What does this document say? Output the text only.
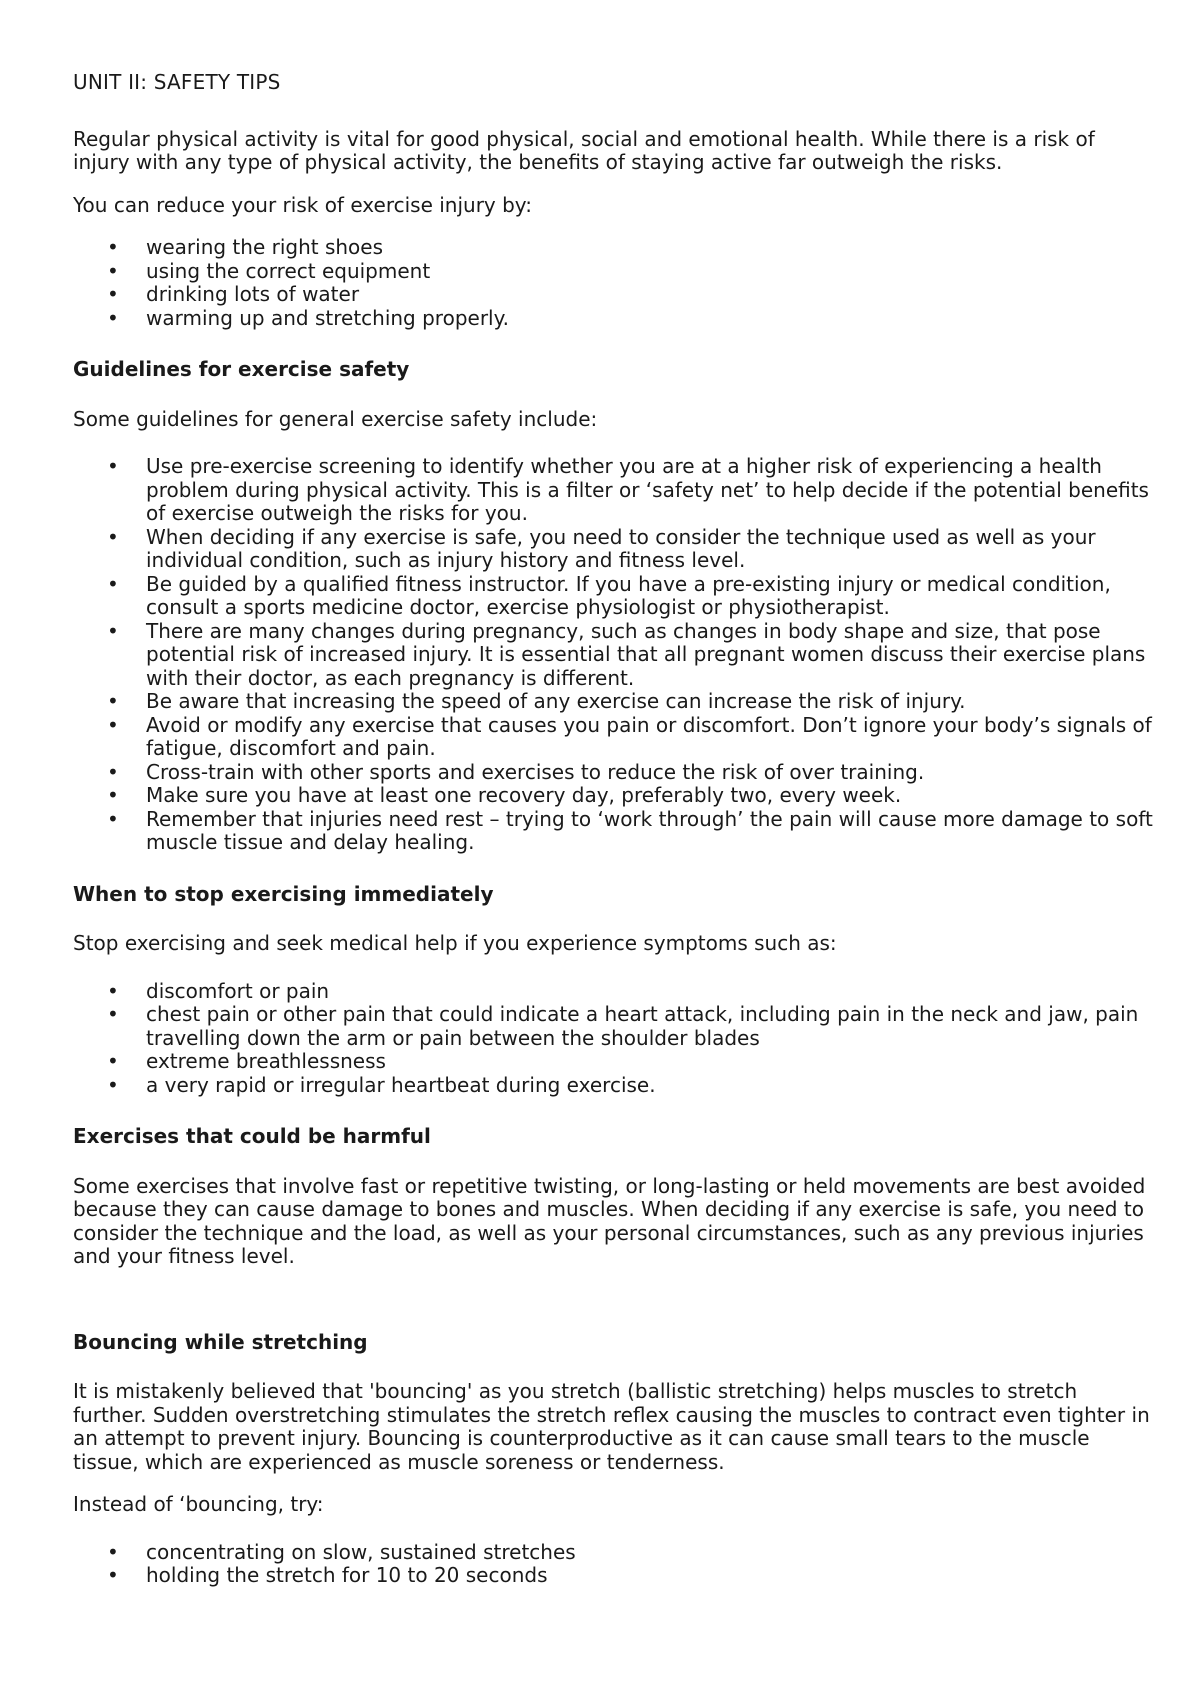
UNIT II: SAFETY TIPS

Regular physical activity is vital for good physical, social and emotional health. While there is a risk of injury with any type of physical activity, the benefits of staying active far outweigh the risks.

You can reduce your risk of exercise injury by:

• wearing the right shoes
• using the correct equipment
• drinking lots of water
• warming up and stretching properly.
Guidelines for exercise safety

Some guidelines for general exercise safety include:

• Use pre-exercise screening to identify whether you are at a higher risk of experiencing a health problem during physical activity. This is a filter or ‘safety net’ to help decide if the potential benefits of exercise outweigh the risks for you.
• When deciding if any exercise is safe, you need to consider the technique used as well as your individual condition, such as injury history and fitness level.
• Be guided by a qualified fitness instructor. If you have a pre-existing injury or medical condition, consult a sports medicine doctor, exercise physiologist or physiotherapist.
• There are many changes during pregnancy, such as changes in body shape and size, that pose potential risk of increased injury. It is essential that all pregnant women discuss their exercise plans with their doctor, as each pregnancy is different.
• Be aware that increasing the speed of any exercise can increase the risk of injury.
• Avoid or modify any exercise that causes you pain or discomfort. Don’t ignore your body’s signals of fatigue, discomfort and pain.
• Cross-train with other sports and exercises to reduce the risk of over training.
• Make sure you have at least one recovery day, preferably two, every week.
• Remember that injuries need rest – trying to ‘work through’ the pain will cause more damage to soft muscle tissue and delay healing.
When to stop exercising immediately

Stop exercising and seek medical help if you experience symptoms such as:

• discomfort or pain
• chest pain or other pain that could indicate a heart attack, including pain in the neck and jaw, pain travelling down the arm or pain between the shoulder blades
• extreme breathlessness
• a very rapid or irregular heartbeat during exercise.
Exercises that could be harmful

Some exercises that involve fast or repetitive twisting, or long-lasting or held movements are best avoided because they can cause damage to bones and muscles. When deciding if any exercise is safe, you need to consider the technique and the load, as well as your personal circumstances, such as any previous injuries and your fitness level.

Bouncing while stretching

It is mistakenly believed that 'bouncing' as you stretch (ballistic stretching) helps muscles to stretch further. Sudden overstretching stimulates the stretch reflex causing the muscles to contract even tighter in an attempt to prevent injury. Bouncing is counterproductive as it can cause small tears to the muscle tissue, which are experienced as muscle soreness or tenderness.

Instead of ‘bouncing, try:

• concentrating on slow, sustained stretches
• holding the stretch for 10 to 20 seconds
